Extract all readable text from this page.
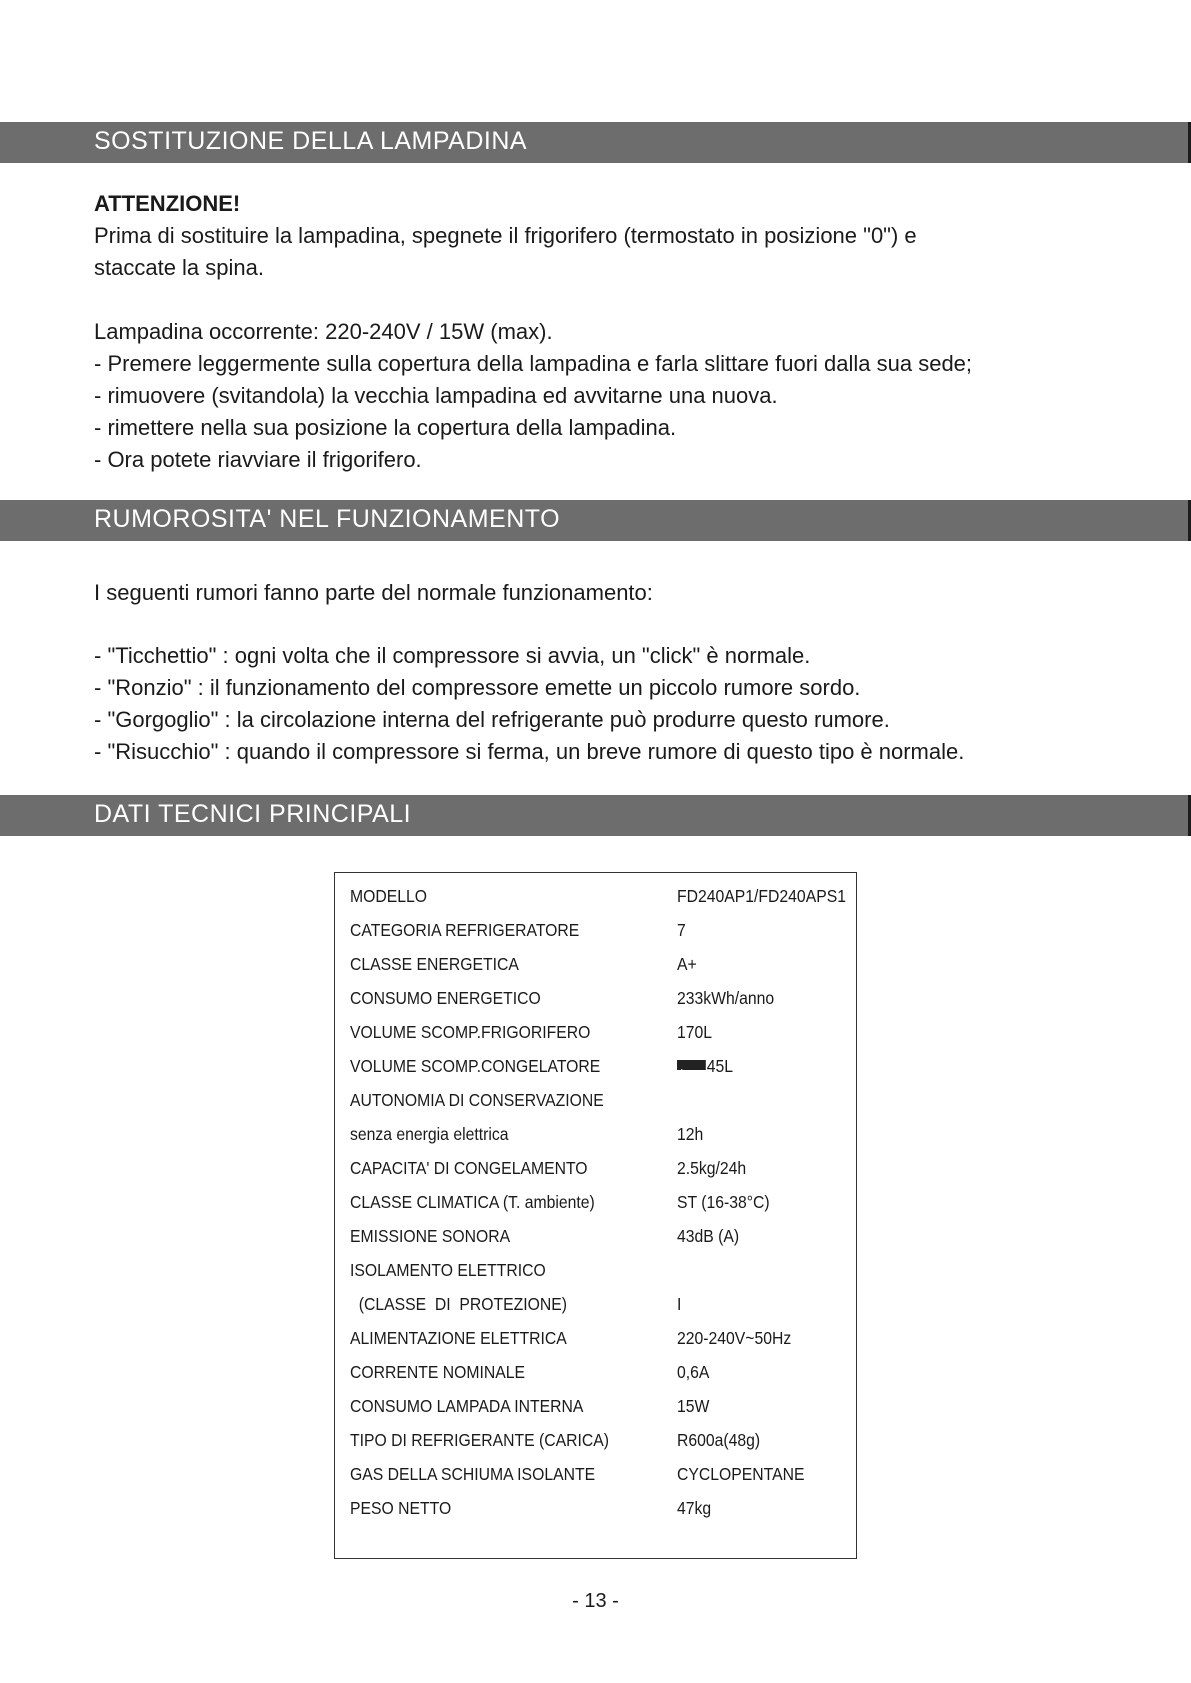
SOSTITUZIONE DELLA LAMPADINA

ATTENZIONE!

Prima di sostituire la lampadina, spegnete il frigorifero (termostato in posizione "0") e

staccate la spina.

Lampadina occorrente: 220-240V / 15W (max).

- Premere leggermente sulla copertura della lampadina e farla slittare fuori dalla sua sede;

- rimuovere (svitandola) la vecchia lampadina ed avvitarne una nuova.

- rimettere nella sua posizione la copertura della lampadina.

- Ora potete riavviare il frigorifero.

RUMOROSITA' NEL FUNZIONAMENTO

I seguenti rumori fanno parte del normale funzionamento:

- "Ticchettio" : ogni volta che il compressore si avvia, un "click" è normale.

- "Ronzio" : il funzionamento del compressore emette un piccolo rumore sordo.

- "Gorgoglio" : la circolazione interna del refrigerante può produrre questo rumore.

- "Risucchio" : quando il compressore si ferma, un breve rumore di questo tipo è normale.

DATI TECNICI PRINCIPALI
MODELLO	FD240AP1/FD240APS1
CATEGORIA REFRIGERATORE	7
CLASSE ENERGETICA	A+
CONSUMO ENERGETICO	233kWh/anno
VOLUME SCOMP.FRIGORIFERO	170L
VOLUME SCOMP.CONGELATORE
✱ ∗∗∗	45L
AUTONOMIA DI CONSERVAZIONE
senza energia elettrica	12h
CAPACITA' DI CONGELAMENTO	2.5kg/24h
CLASSE CLIMATICA (T. ambiente)	ST (16-38°C)
EMISSIONE SONORA	43dB (A)
ISOLAMENTO ELETTRICO
(CLASSE  DI  PROTEZIONE)	I
ALIMENTAZIONE ELETTRICA	220-240V~50Hz
CORRENTE NOMINALE	0,6A
CONSUMO LAMPADA INTERNA	15W
TIPO DI REFRIGERANTE (CARICA)	R600a(48g)
GAS DELLA SCHIUMA ISOLANTE	CYCLOPENTANE
PESO NETTO	47kg
- 13 -
